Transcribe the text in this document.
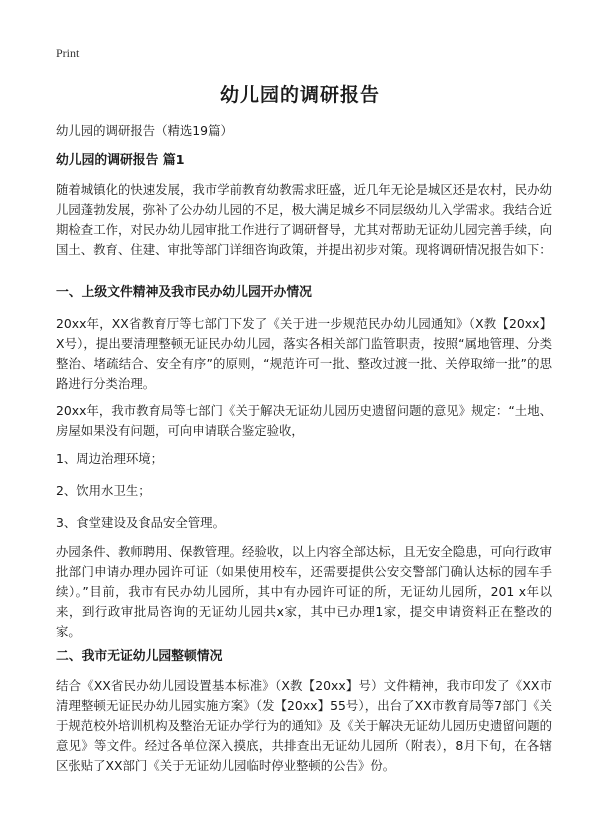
Print
幼儿园的调研报告

幼儿园的调研报告（精选19篇）

幼儿园的调研报告 篇1

随着城镇化的快速发展，我市学前教育幼教需求旺盛，近几年无论是城区还是农村，民办幼儿园蓬勃发展，弥补了公办幼儿园的不足，极大满足城乡不同层级幼儿入学需求。我结合近期检查工作，对民办幼儿园审批工作进行了调研督导，尤其对帮助无证幼儿园完善手续，向国土、教育、住建、审批等部门详细咨询政策，并提出初步对策。现将调研情况报告如下：

一、上级文件精神及我市民办幼儿园开办情况

20xx年，XX省教育厅等七部门下发了《关于进一步规范民办幼儿园通知》（X教【20xx】X号），提出要清理整顿无证民办幼儿园，落实各相关部门监管职责，按照“属地管理、分类整治、堵疏结合、安全有序”的原则，“规范许可一批、整改过渡一批、关停取缔一批”的思路进行分类治理。

20xx年，我市教育局等七部门《关于解决无证幼儿园历史遗留问题的意见》规定：“土地、房屋如果没有问题，可向申请联合鉴定验收，

1、周边治理环境；

2、饮用水卫生；

3、食堂建设及食品安全管理。

办园条件、教师聘用、保教管理。经验收，以上内容全部达标，且无安全隐患，可向行政审批部门申请办理办园许可证（如果使用校车，还需要提供公安交警部门确认达标的园车手续）。”目前，我市有民办幼儿园所，其中有办园许可证的所，无证幼儿园所，201 x年以来，到行政审批局咨询的无证幼儿园共x家，其中已办理1家，提交申请资料正在整改的家。

二、我市无证幼儿园整顿情况

结合《XX省民办幼儿园设置基本标准》（X教【20xx】号）文件精神，我市印发了《XX市清理整顿无证民办幼儿园实施方案》（发【20xx】55号），出台了XX市教育局等7部门《关于规范校外培训机构及整治无证办学行为的通知》及《关于解决无证幼儿园历史遗留问题的意见》等文件。经过各单位深入摸底，共排查出无证幼儿园所（附表），8月下旬，在各辖区张贴了XX部门《关于无证幼儿园临时停业整顿的公告》份。
